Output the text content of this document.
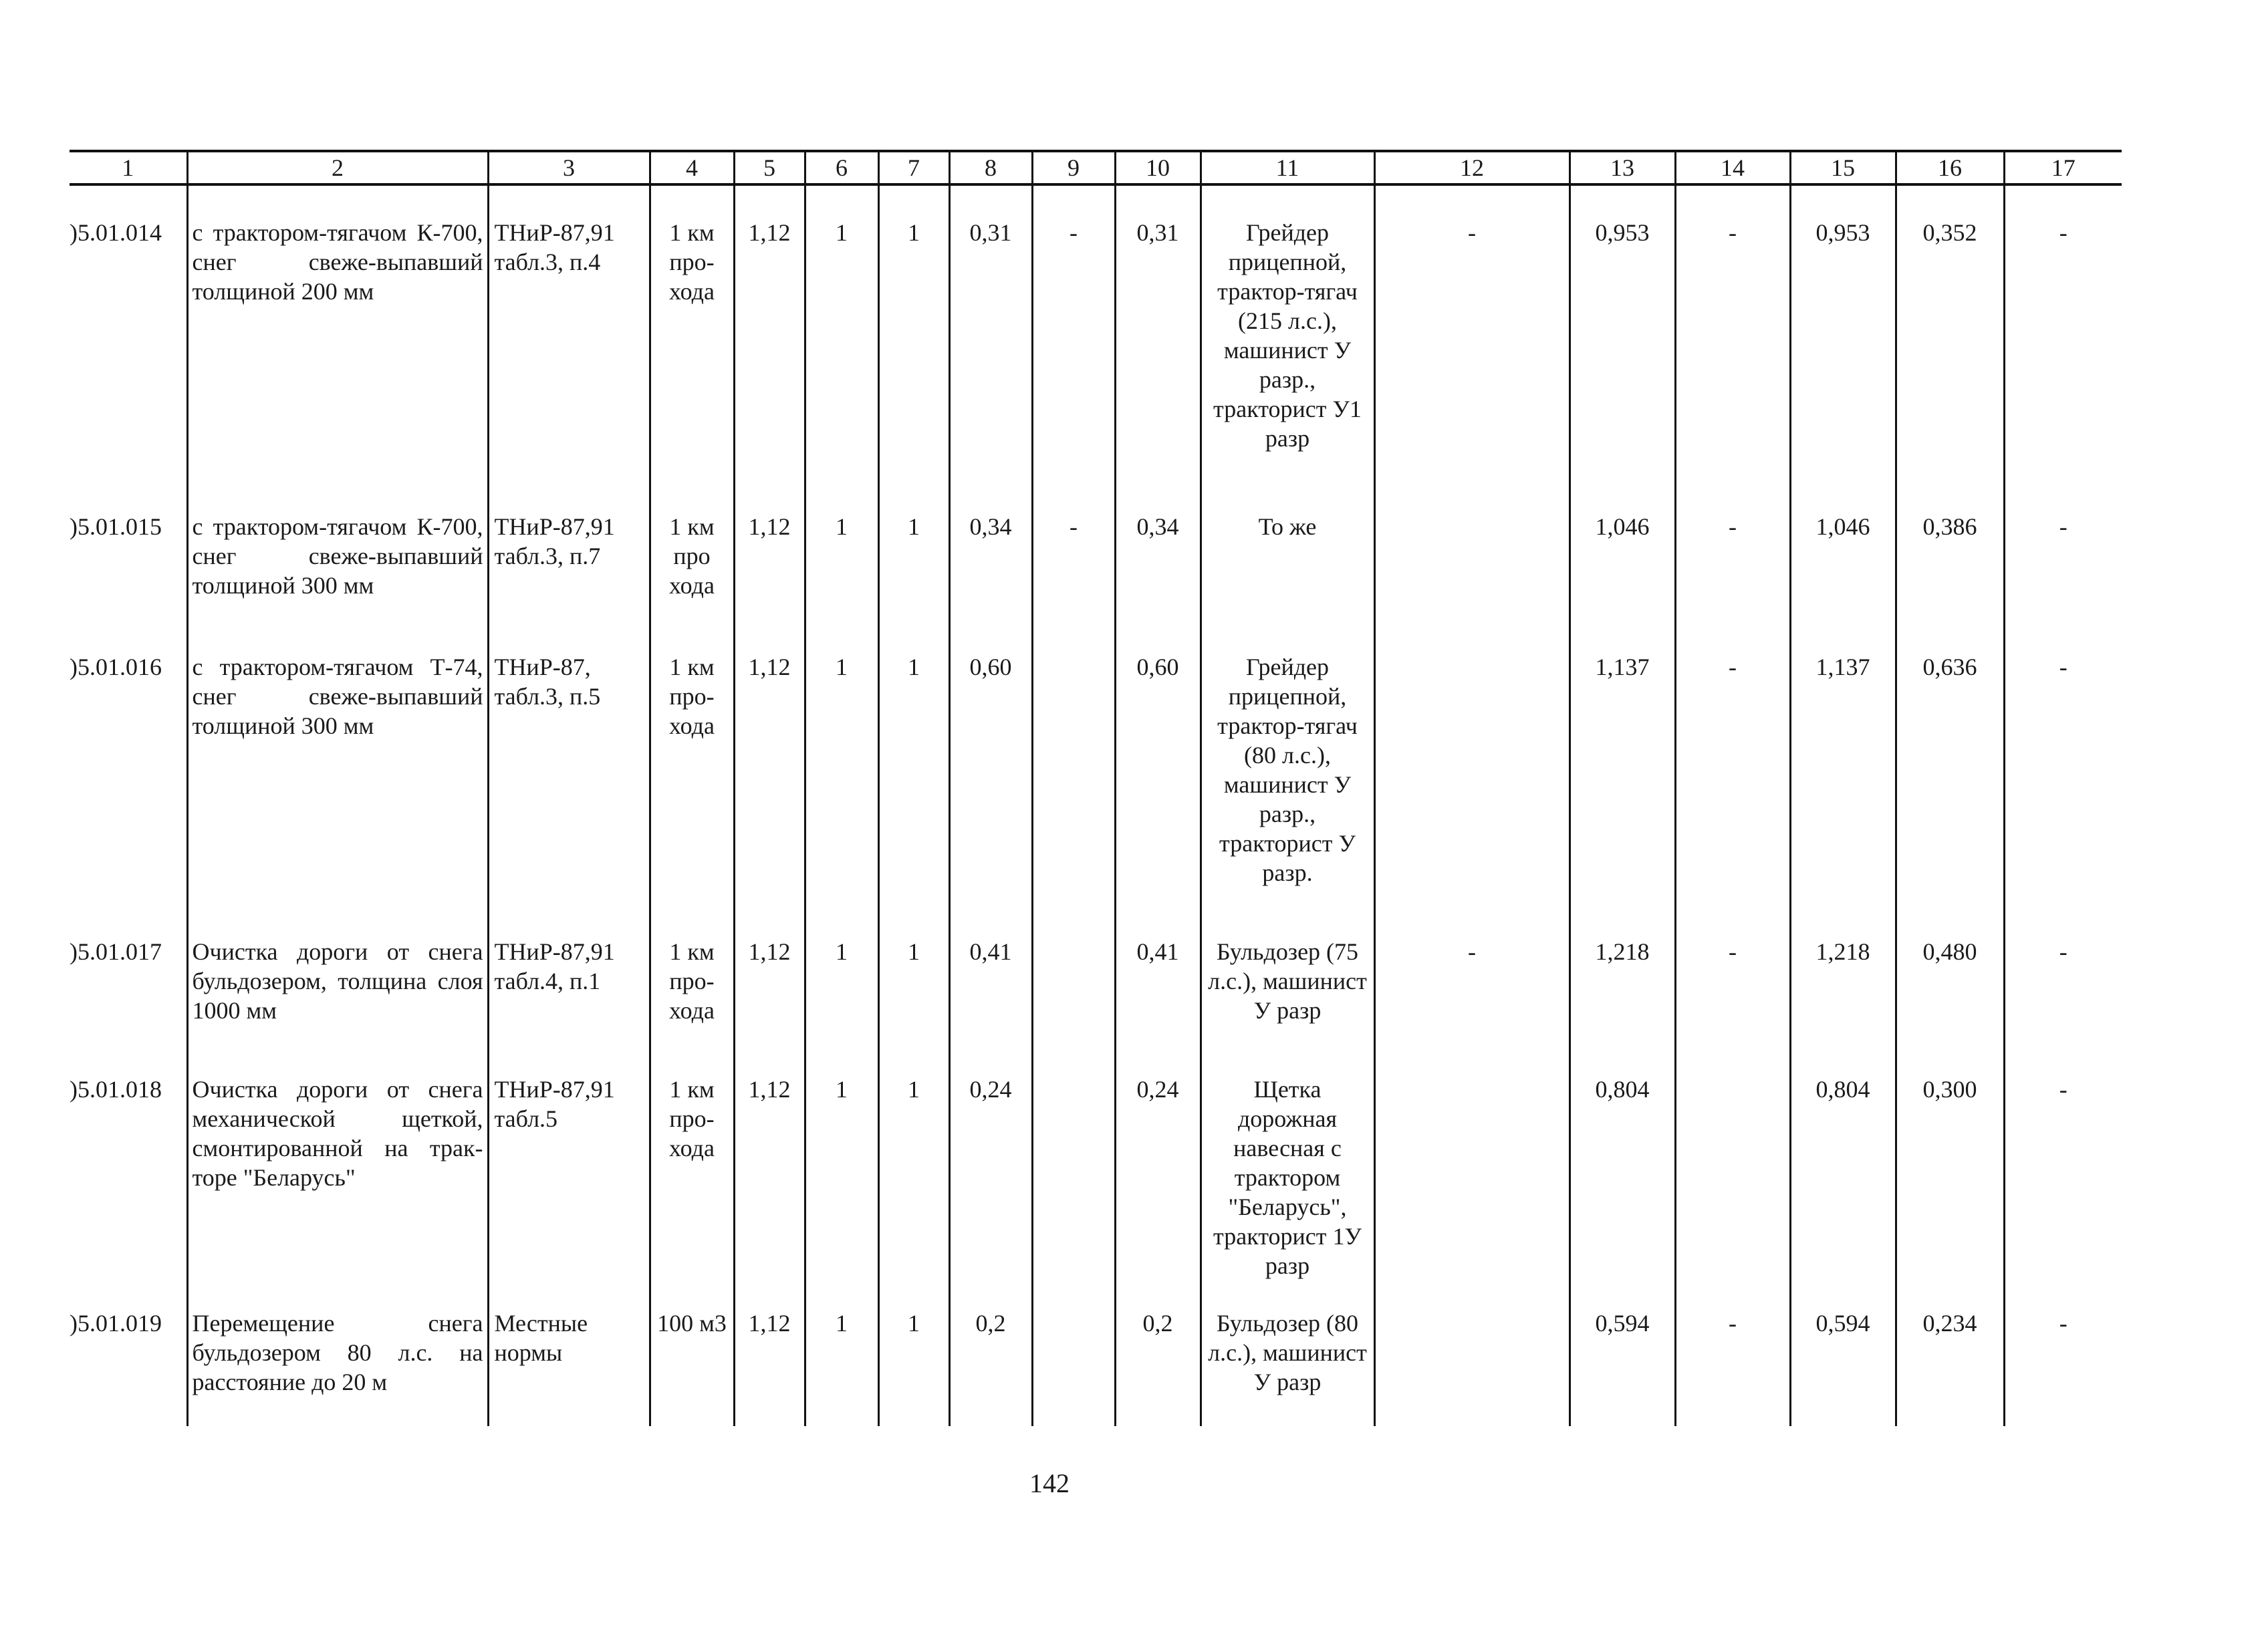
1	2	3	4	5	6	7	8	9	10	11	12	13	14	15	16	17

)5.01.014	с трактором-тягачом К-700, снег свеже-выпавший толщиной 200 мм	ТНиР-87,91 табл.3, п.4	1 км про-хода	1,12	1	1	0,31	-	0,31	Грейдер прицепной, трактор-тягач (215 л.с.), машинист У разр., тракторист У1 разр	-	0,953	-	0,953	0,352	-
)5.01.015	с трактором-тягачом К-700, снег свеже-выпавший толщиной 300 мм	ТНиР-87,91 табл.3, п.7	1 км про хода	1,12	1	1	0,34	-	0,34	То же		1,046	-	1,046	0,386	-
)5.01.016	с трактором-тягачом Т-74, снег свеже-выпавший толщиной 300 мм	ТНиР-87, табл.3, п.5	1 км про-хода	1,12	1	1	0,60		0,60	Грейдер прицепной, трактор-тягач (80 л.с.), машинист У разр., тракторист У разр.		1,137	-	1,137	0,636	-
)5.01.017	Очистка дороги от снега бульдозером, толщина слоя 1000 мм	ТНиР-87,91 табл.4, п.1	1 км про-хода	1,12	1	1	0,41		0,41	Бульдозер (75 л.с.), машинист У разр	-	1,218	-	1,218	0,480	-
)5.01.018	Очистка дороги от снега механической щеткой, смонтированной на трак-торе "Беларусь"	ТНиР-87,91 табл.5	1 км про-хода	1,12	1	1	0,24		0,24	Щетка дорожная навесная с трактором "Беларусь", тракторист 1У разр		0,804		0,804	0,300	-
)5.01.019	Перемещение снега бульдозером 80 л.с. на расстояние до 20 м	Местные нормы	100 м3	1,12	1	1	0,2		0,2	Бульдозер (80 л.с.), машинист У разр		0,594	-	0,594	0,234	-
142
